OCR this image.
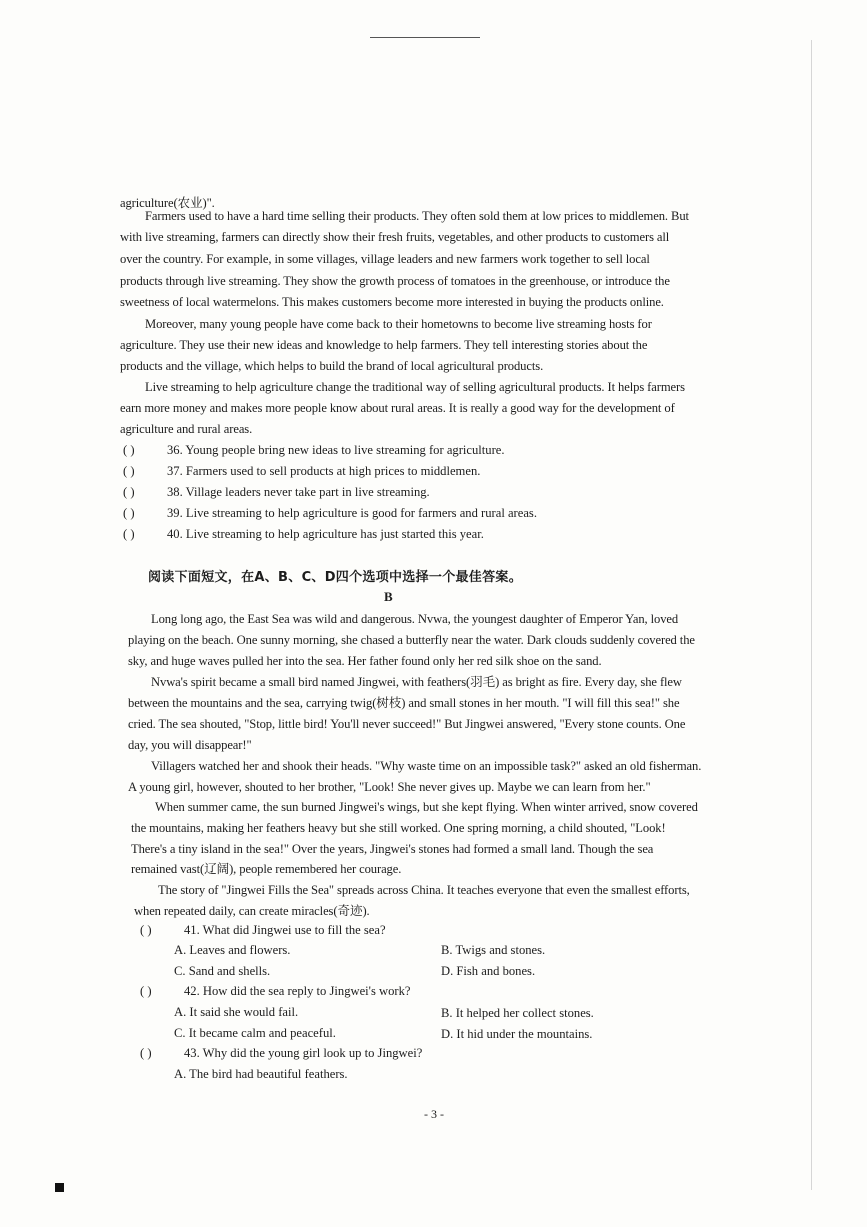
agriculture(农业)".
Farmers used to have a hard time selling their products. They often sold them at low prices to middlemen. But
with live streaming, farmers can directly show their fresh fruits, vegetables, and other products to customers all
over the country. For example, in some villages, village leaders and new farmers work together to sell local
products through live streaming. They show the growth process of tomatoes in the greenhouse, or introduce the
sweetness of local watermelons. This makes customers become more interested in buying the products online.
Moreover, many young people have come back to their hometowns to become live streaming hosts for
agriculture. They use their new ideas and knowledge to help farmers. They tell interesting stories about the
products and the village, which helps to build the brand of local agricultural products.
Live streaming to help agriculture change the traditional way of selling agricultural products. It helps farmers
earn more money and makes more people know about rural areas. It is really a good way for the development of
agriculture and rural areas.
( )	36. Young people bring new ideas to live streaming for agriculture.
( )	37. Farmers used to sell products at high prices to middlemen.
( )	38. Village leaders never take part in live streaming.
( )	39. Live streaming to help agriculture is good for farmers and rural areas.
( )	40. Live streaming to help agriculture has just started this year.
阅读下面短文，在A、B、C、D四个选项中选择一个最佳答案。
B
Long long ago, the East Sea was wild and dangerous. Nvwa, the youngest daughter of Emperor Yan, loved
playing on the beach. One sunny morning, she chased a butterfly near the water. Dark clouds suddenly covered the
sky, and huge waves pulled her into the sea. Her father found only her red silk shoe on the sand.
Nvwa's spirit became a small bird named Jingwei, with feathers(羽毛) as bright as fire. Every day, she flew
between the mountains and the sea, carrying twig(树枝) and small stones in her mouth. "I will fill this sea!" she
cried. The sea shouted, "Stop, little bird! You'll never succeed!" But Jingwei answered, "Every stone counts. One
day, you will disappear!"
Villagers watched her and shook their heads. "Why waste time on an impossible task?" asked an old fisherman.
A young girl, however, shouted to her brother, "Look! She never gives up. Maybe we can learn from her."
When summer came, the sun burned Jingwei's wings, but she kept flying. When winter arrived, snow covered
the mountains, making her feathers heavy but she still worked. One spring morning, a child shouted, "Look!
There's a tiny island in the sea!" Over the years, Jingwei's stones had formed a small land. Though the sea
remained vast(辽阔), people remembered her courage.
The story of "Jingwei Fills the Sea" spreads across China. It teaches everyone that even the smallest efforts,
when repeated daily, can create miracles(奇迹).
( )	41. What did Jingwei use to fill the sea?
A. Leaves and flowers.	B. Twigs and stones.
C. Sand and shells.	D. Fish and bones.
( )	42. How did the sea reply to Jingwei's work?
A. It said she would fail.	B. It helped her collect stones.
C. It became calm and peaceful.	D. It hid under the mountains.
( )	43. Why did the young girl look up to Jingwei?
A. The bird had beautiful feathers.
- 3 -
